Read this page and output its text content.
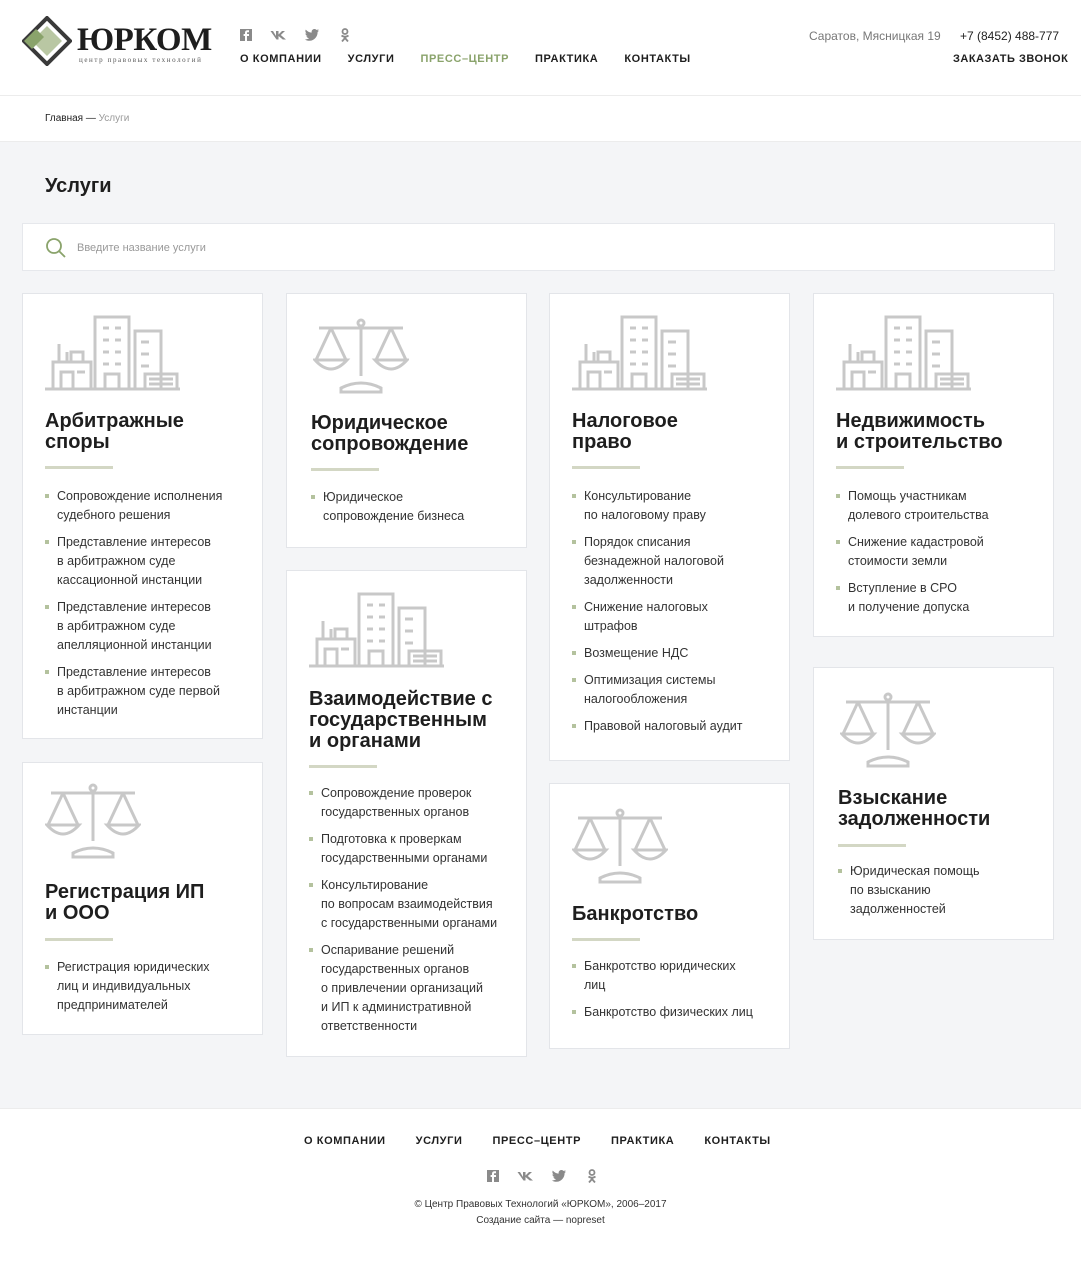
ЮРКОМ
центр правовых технологий	О КОМПАНИИ УСЛУГИ ПРЕСС–ЦЕНТР ПРАКТИКА КОНТАКТЫ
Саратов, Мясницкая 19 +7 (8452) 488-777
ЗАКАЗАТЬ ЗВОНОК
Главная — Услуги
Услуги
Введите название услуги
Арбитражные
споры
Сопровождение исполнения
судебного решения
Представление интересов
в арбитражном суде
кассационной инстанции
Представление интересов
в арбитражном суде
апелляционной инстанции
Представление интересов
в арбитражном суде первой
инстанции
Регистрация ИП
и ООО
Регистрация юридических
лиц и индивидуальных
предпринимателей
Юридическое
сопровождение
Юридическое
сопровождение бизнеса
Взаимодействие с
государственным
и органами
Сопровождение проверок
государственных органов
Подготовка к проверкам
государственными органами
Консультирование
по вопросам взаимодействия
с государственными органами
Оспаривание решений
государственных органов
о привлечении организаций
и ИП к административной
ответственности
Налоговое
право
Консультирование
по налоговому праву
Порядок списания
безнадежной налоговой
задолженности
Снижение налоговых
штрафов
Возмещение НДС
Оптимизация системы
налогообложения
Правовой налоговый аудит
Банкротство
Банкротство юридических
лиц
Банкротство физических лиц
Недвижимость
и строительство
Помощь участникам
долевого строительства
Снижение кадастровой
стоимости земли
Вступление в СРО
и получение допуска
Взыскание
задолженности
Юридическая помощь
по взысканию
задолженностей
О КОМПАНИИ	УСЛУГИ	ПРЕСС–ЦЕНТР	ПРАКТИКА	КОНТАКТЫ
© Центр Правовых Технологий «ЮРКОМ», 2006–2017
Создание сайта — nopreset
